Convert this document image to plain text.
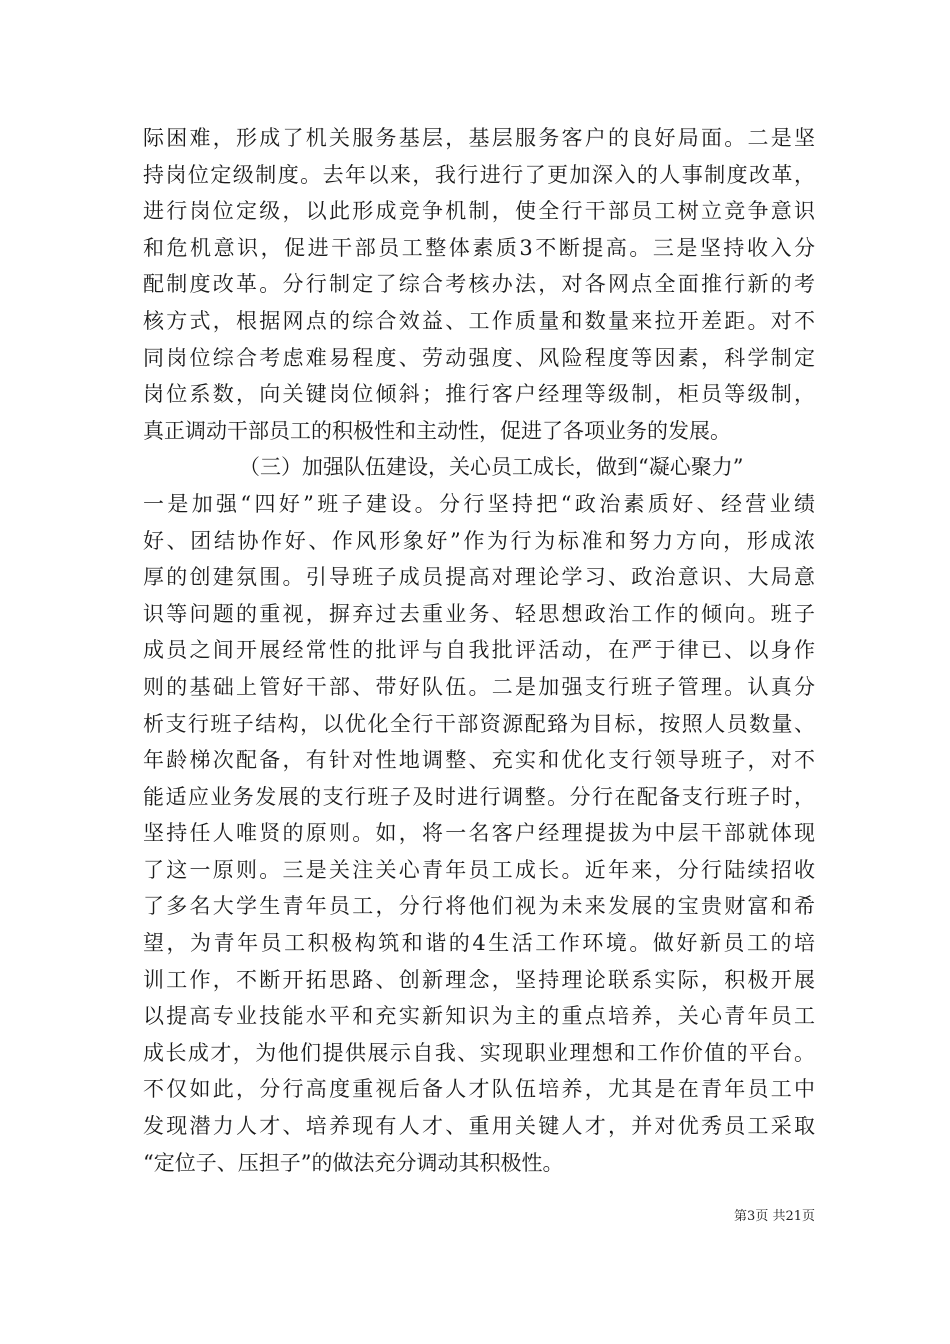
际困难，形成了机关服务基层，基层服务客户的良好局面。二是坚
持岗位定级制度。去年以来，我行进行了更加深入的人事制度改革，
进行岗位定级，以此形成竞争机制，使全行干部员工树立竞争意识
和危机意识，促进干部员工整体素质3不断提高。三是坚持收入分
配制度改革。分行制定了综合考核办法，对各网点全面推行新的考
核方式，根据网点的综合效益、工作质量和数量来拉开差距。对不
同岗位综合考虑难易程度、劳动强度、风险程度等因素，科学制定
岗位系数，向关键岗位倾斜；推行客户经理等级制，柜员等级制，
真正调动干部员工的积极性和主动性，促进了各项业务的发展。
（三）加强队伍建设，关心员工成长，做到“凝心聚力”
一是加强“四好”班子建设。分行坚持把“政治素质好、经营业绩
好、团结协作好、作风形象好”作为行为标准和努力方向，形成浓
厚的创建氛围。引导班子成员提高对理论学习、政治意识、大局意
识等问题的重视，摒弃过去重业务、轻思想政治工作的倾向。班子
成员之间开展经常性的批评与自我批评活动，在严于律已、以身作
则的基础上管好干部、带好队伍。二是加强支行班子管理。认真分
析支行班子结构，以优化全行干部资源配臵为目标，按照人员数量、
年龄梯次配备，有针对性地调整、充实和优化支行领导班子，对不
能适应业务发展的支行班子及时进行调整。分行在配备支行班子时，
坚持任人唯贤的原则。如，将一名客户经理提拔为中层干部就体现
了这一原则。三是关注关心青年员工成长。近年来，分行陆续招收
了多名大学生青年员工，分行将他们视为未来发展的宝贵财富和希
望，为青年员工积极构筑和谐的4生活工作环境。做好新员工的培
训工作，不断开拓思路、创新理念，坚持理论联系实际，积极开展
以提高专业技能水平和充实新知识为主的重点培养，关心青年员工
成长成才，为他们提供展示自我、实现职业理想和工作价值的平台。
不仅如此，分行高度重视后备人才队伍培养，尤其是在青年员工中
发现潜力人才、培养现有人才、重用关键人才，并对优秀员工采取
“定位子、压担子”的做法充分调动其积极性。
第3页 共21页
